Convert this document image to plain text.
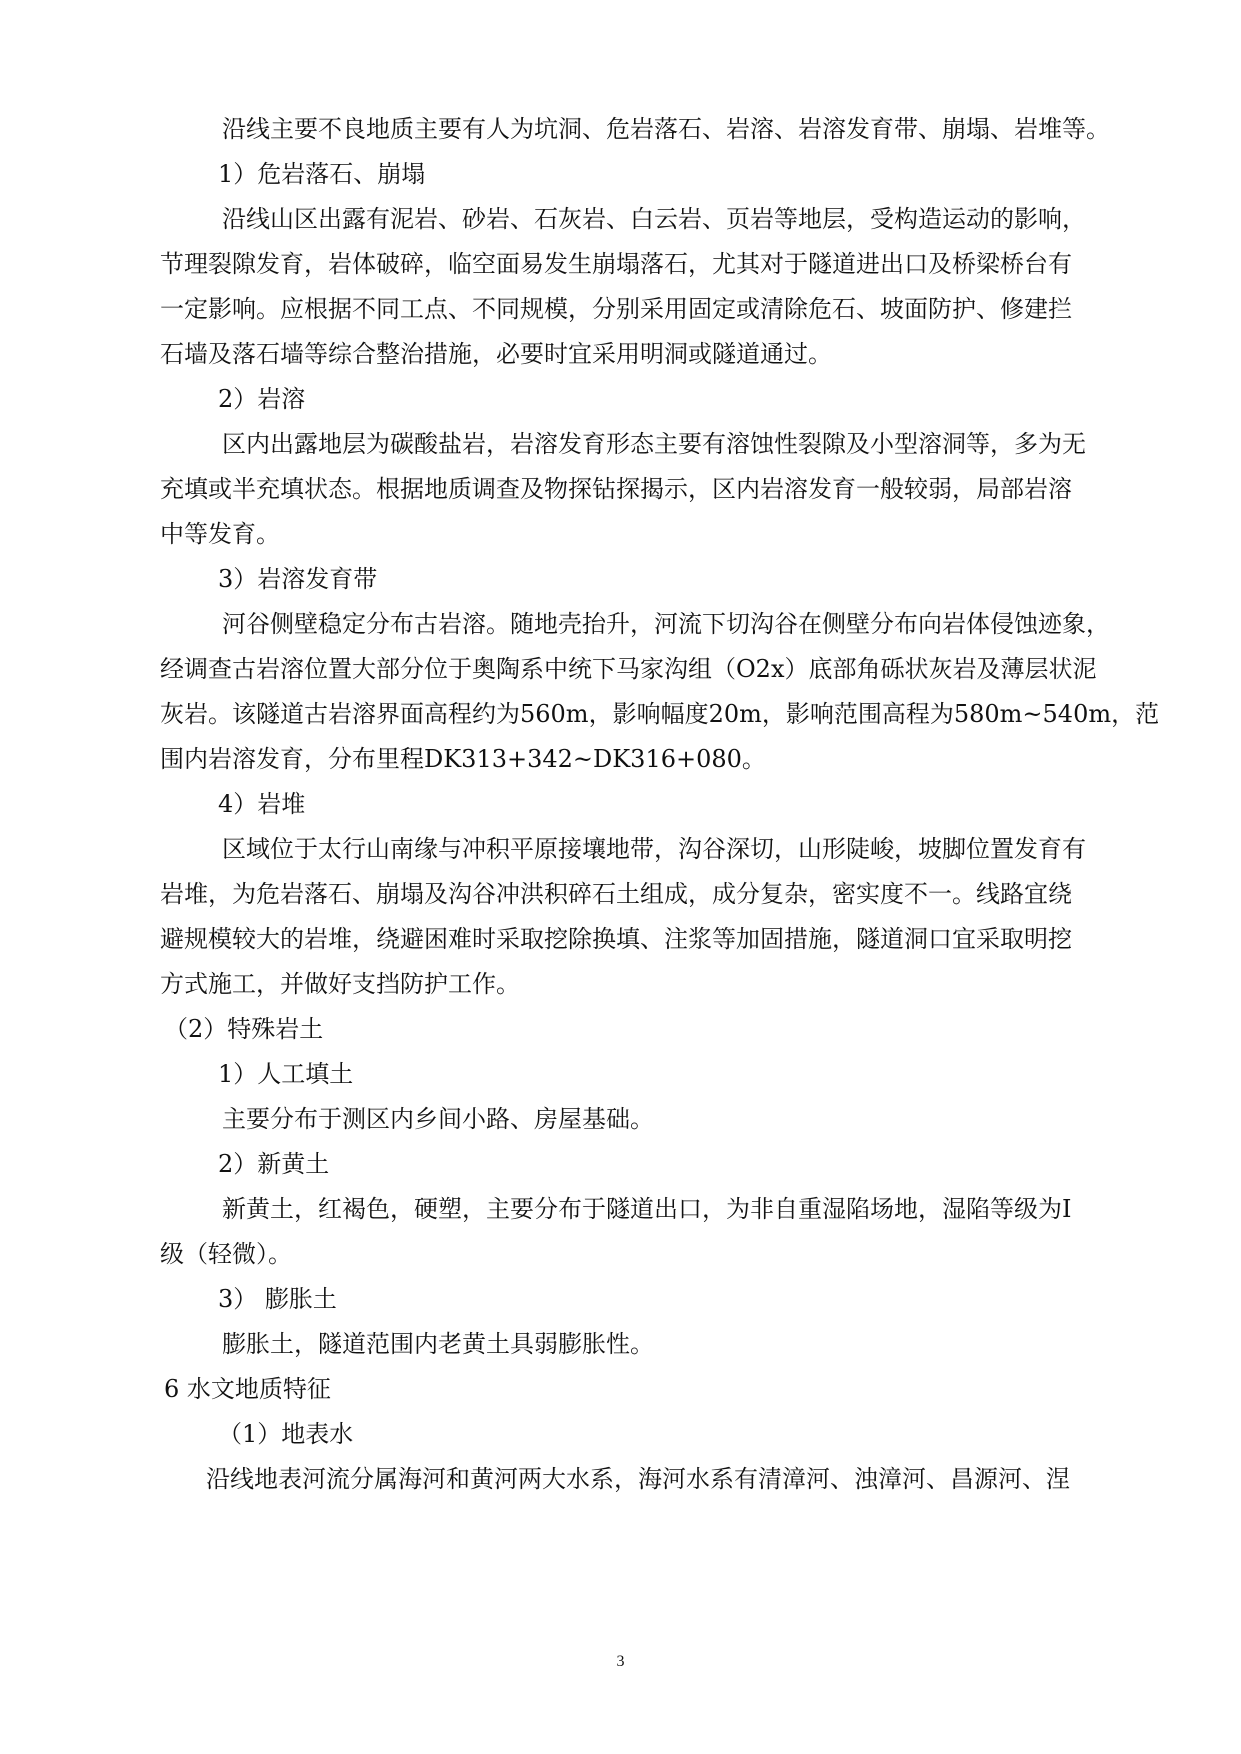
沿线主要不良地质主要有人为坑洞、危岩落石、岩溶、岩溶发育带、崩塌、岩堆等。
1）危岩落石、崩塌
沿线山区出露有泥岩、砂岩、石灰岩、白云岩、页岩等地层，受构造运动的影响，
节理裂隙发育，岩体破碎，临空面易发生崩塌落石，尤其对于隧道进出口及桥梁桥台有
一定影响。应根据不同工点、不同规模，分别采用固定或清除危石、坡面防护、修建拦
石墙及落石墙等综合整治措施，必要时宜采用明洞或隧道通过。
2）岩溶
区内出露地层为碳酸盐岩，岩溶发育形态主要有溶蚀性裂隙及小型溶洞等，多为无
充填或半充填状态。根据地质调查及物探钻探揭示，区内岩溶发育一般较弱，局部岩溶
中等发育。
3）岩溶发育带
河谷侧壁稳定分布古岩溶。随地壳抬升，河流下切沟谷在侧壁分布向岩体侵蚀迹象，
经调查古岩溶位置大部分位于奥陶系中统下马家沟组（O2x）底部角砾状灰岩及薄层状泥
灰岩。该隧道古岩溶界面高程约为560m，影响幅度20m，影响范围高程为580m~540m，范
围内岩溶发育，分布里程DK313+342~DK316+080。
4）岩堆
区域位于太行山南缘与冲积平原接壤地带，沟谷深切，山形陡峻，坡脚位置发育有
岩堆，为危岩落石、崩塌及沟谷冲洪积碎石土组成，成分复杂，密实度不一。线路宜绕
避规模较大的岩堆，绕避困难时采取挖除换填、注浆等加固措施，隧道洞口宜采取明挖
方式施工，并做好支挡防护工作。
（2）特殊岩土
1）人工填土
主要分布于测区内乡间小路、房屋基础。
2）新黄土
新黄土，红褐色，硬塑，主要分布于隧道出口，为非自重湿陷场地，湿陷等级为Ⅰ
级（轻微）。
3） 膨胀土
膨胀土，隧道范围内老黄土具弱膨胀性。
6 水文地质特征
（1）地表水
沿线地表河流分属海河和黄河两大水系，海河水系有清漳河、浊漳河、昌源河、涅
3
